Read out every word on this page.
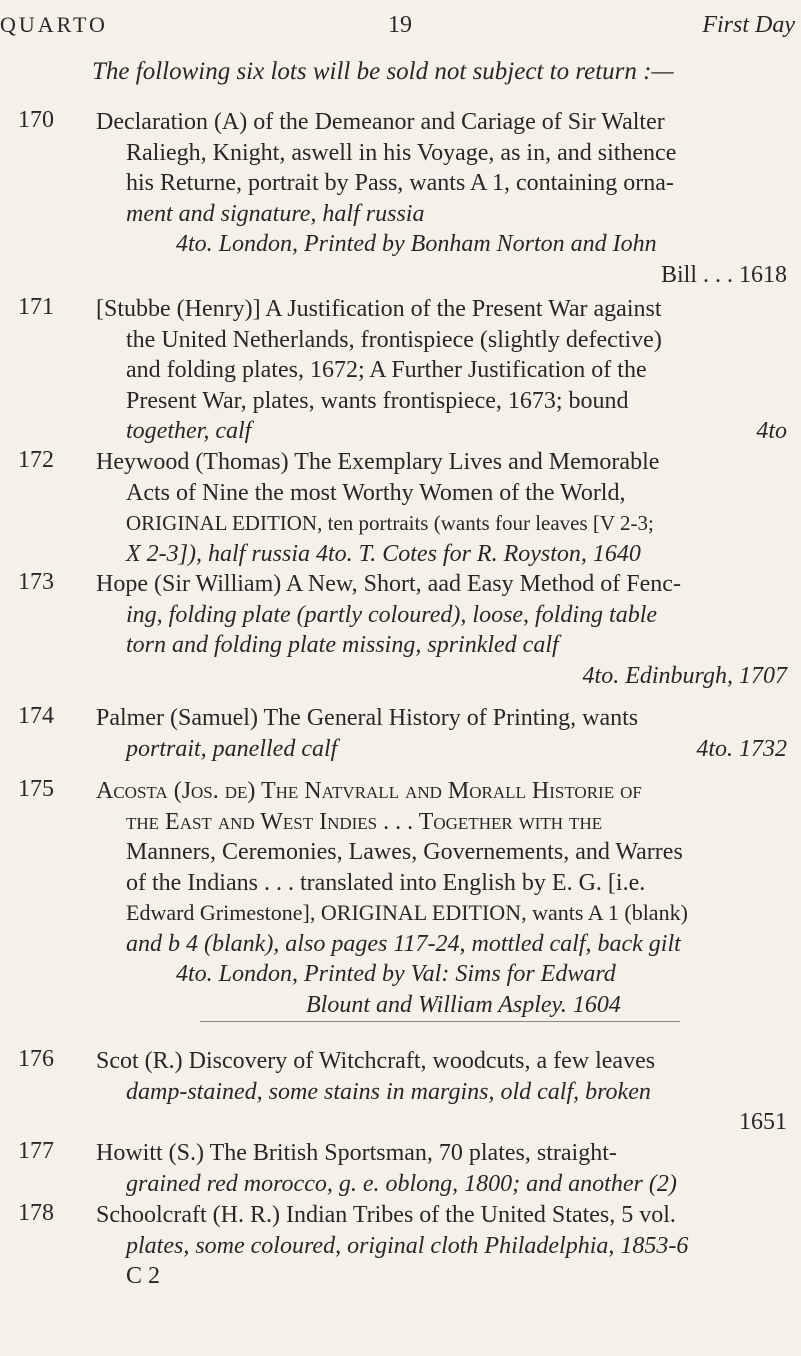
QUARTO	19	First Day
The following six lots will be sold not subject to return :—
170	Declaration (A) of the Demeanor and Cariage of Sir Walter
Raliegh, Knight, aswell in his Voyage, as in, and sithence
his Returne, portrait by Pass, wants A 1, containing orna-
ment and signature, half russia
4to. London, Printed by Bonham Norton and Iohn
Bill . . . 1618
171	[Stubbe (Henry)] A Justification of the Present War against
the United Netherlands, frontispiece (slightly defective)
and folding plates, 1672; A Further Justification of the
Present War, plates, wants frontispiece, 1673; bound
together, calf	4to
172	Heywood (Thomas) The Exemplary Lives and Memorable
Acts of Nine the most Worthy Women of the World,
ORIGINAL EDITION, ten portraits (wants four leaves [V 2-3;
X 2-3]), half russia 4to. T. Cotes for R. Royston, 1640
173	Hope (Sir William) A New, Short, aad Easy Method of Fenc-
ing, folding plate (partly coloured), loose, folding table
torn and folding plate missing, sprinkled calf
4to. Edinburgh, 1707
174	Palmer (Samuel) The General History of Printing, wants
portrait, panelled calf	4to. 1732
175	Acosta (Jos. de) The Natvrall and Morall Historie of
the East and West Indies . . . Together with the
Manners, Ceremonies, Lawes, Governements, and Warres
of the Indians . . . translated into English by E. G. [i.e.
Edward Grimestone], ORIGINAL EDITION, wants A 1 (blank)
and b 4 (blank), also pages 117-24, mottled calf, back gilt
4to. London, Printed by Val: Sims for Edward
Blount and William Aspley. 1604
176	Scot (R.) Discovery of Witchcraft, woodcuts, a few leaves
damp-stained, some stains in margins, old calf, broken
1651
177	Howitt (S.) The British Sportsman, 70 plates, straight-
grained red morocco, g. e. oblong, 1800; and another (2)
178	Schoolcraft (H. R.) Indian Tribes of the United States, 5 vol.
plates, some coloured, original cloth Philadelphia, 1853-6
C 2
